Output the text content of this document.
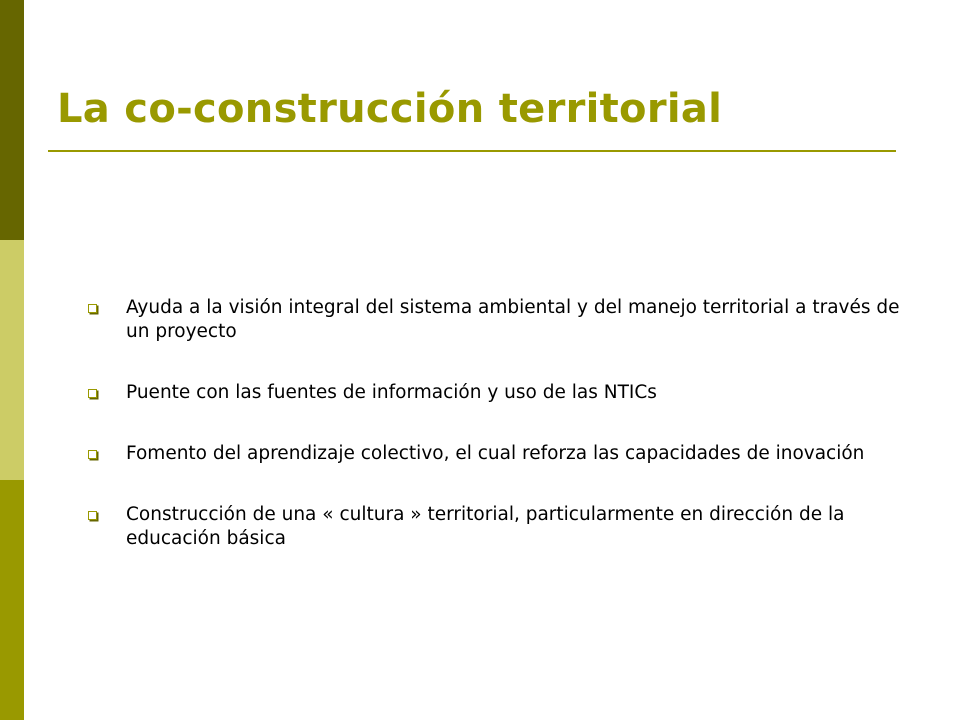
La co-construcción territorial
Ayuda a la visión integral del sistema ambiental y del manejo territorial a través de un proyecto
Puente con las fuentes de información y uso de las NTICs
Fomento del aprendizaje colectivo, el cual reforza las capacidades de inovación
Construcción de una « cultura » territorial, particularmente en dirección de la educación básica
